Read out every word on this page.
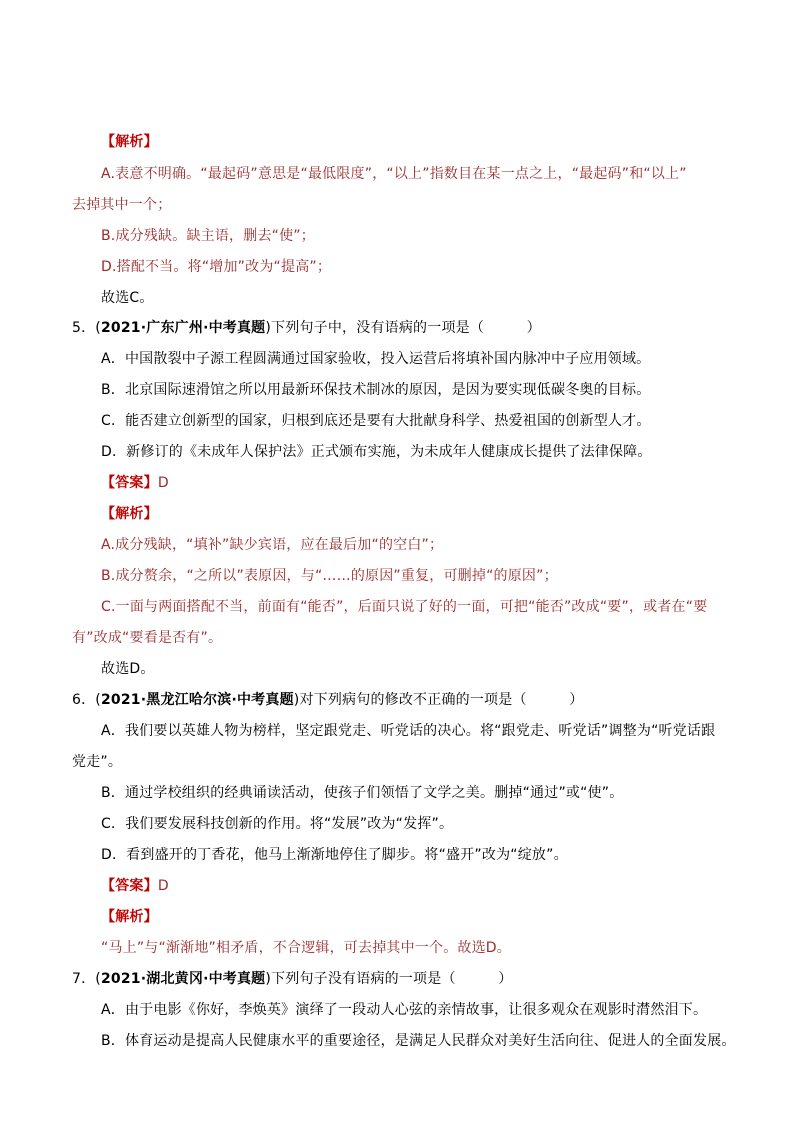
【解析】
A.表意不明确。“最起码”意思是“最低限度”，“以上”指数目在某一点之上，“最起码”和“以上”
去掉其中一个；
B.成分残缺。缺主语，删去“使”；
D.搭配不当。将“增加”改为“提高”；
故选C。
5．(2021·广东广州·中考真题)下列句子中，没有语病的一项是（　　　）
A．中国散裂中子源工程圆满通过国家验收，投入运营后将填补国内脉冲中子应用领域。
B．北京国际速滑馆之所以用最新环保技术制冰的原因，是因为要实现低碳冬奥的目标。
C．能否建立创新型的国家，归根到底还是要有大批献身科学、热爱祖国的创新型人才。
D．新修订的《未成年人保护法》正式颁布实施，为未成年人健康成长提供了法律保障。
【答案】D
【解析】
A.成分残缺，“填补”缺少宾语，应在最后加“的空白”；
B.成分赘余，“之所以”表原因，与“……的原因”重复，可删掉“的原因”；
C.一面与两面搭配不当，前面有“能否”，后面只说了好的一面，可把“能否”改成“要”，或者在“要
有”改成“要看是否有”。
故选D。
6．(2021·黑龙江哈尔滨·中考真题)对下列病句的修改不正确的一项是（　　　）
A．我们要以英雄人物为榜样，坚定跟党走、听党话的决心。将“跟党走、听党话”调整为“听党话跟
党走”。
B．通过学校组织的经典诵读活动，使孩子们领悟了文学之美。删掉“通过”或“使”。
C．我们要发展科技创新的作用。将“发展”改为“发挥”。
D．看到盛开的丁香花，他马上渐渐地停住了脚步。将“盛开”改为“绽放”。
【答案】D
【解析】
“马上”与“渐渐地”相矛盾，不合逻辑，可去掉其中一个。故选D。
7．(2021·湖北黄冈·中考真题)下列句子没有语病的一项是（　　　）
A．由于电影《你好，李焕英》演绎了一段动人心弦的亲情故事，让很多观众在观影时潸然泪下。
B．体育运动是提高人民健康水平的重要途径，是满足人民群众对美好生活向往、促进人的全面发展。
